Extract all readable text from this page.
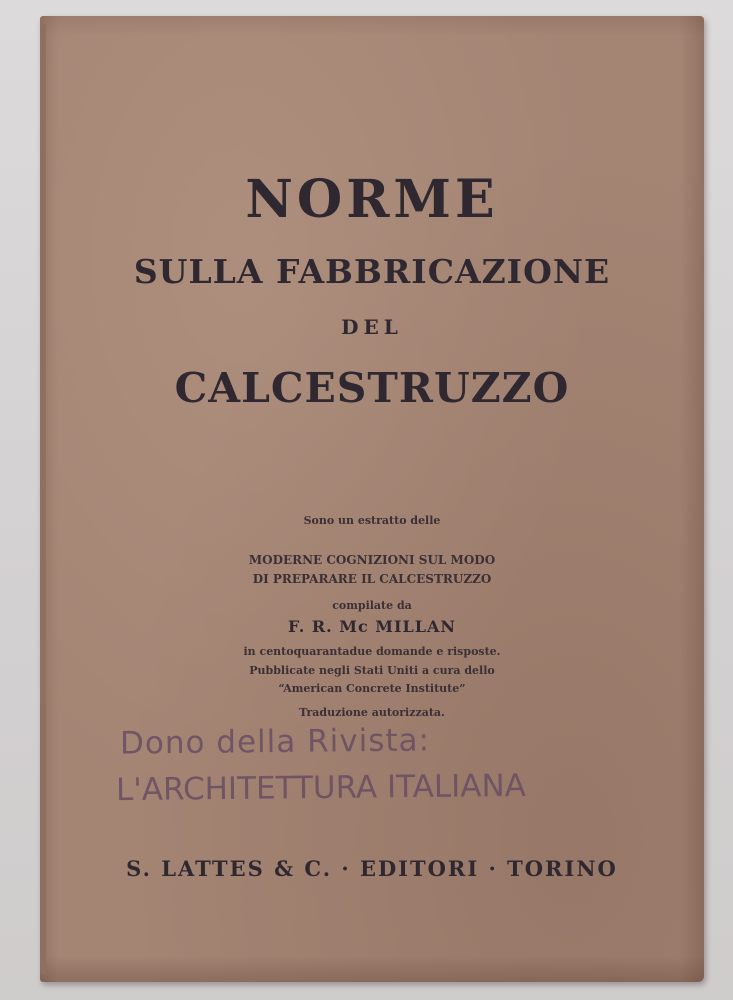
NORME
SULLA FABBRICAZIONE
DEL
CALCESTRUZZO
Sono un estratto delle
MODERNE COGNIZIONI SUL MODO
DI PREPARARE IL CALCESTRUZZO
compilate da
F. R. Mc MILLAN
in centoquarantadue domande e risposte.
Pubblicate negli Stati Uniti a cura dello
“American Concrete Institute”
Traduzione autorizzata.
Dono della Rivista:
L'ARCHITETTURA ITALIANA
S. LATTES & C. · EDITORI · TORINO
